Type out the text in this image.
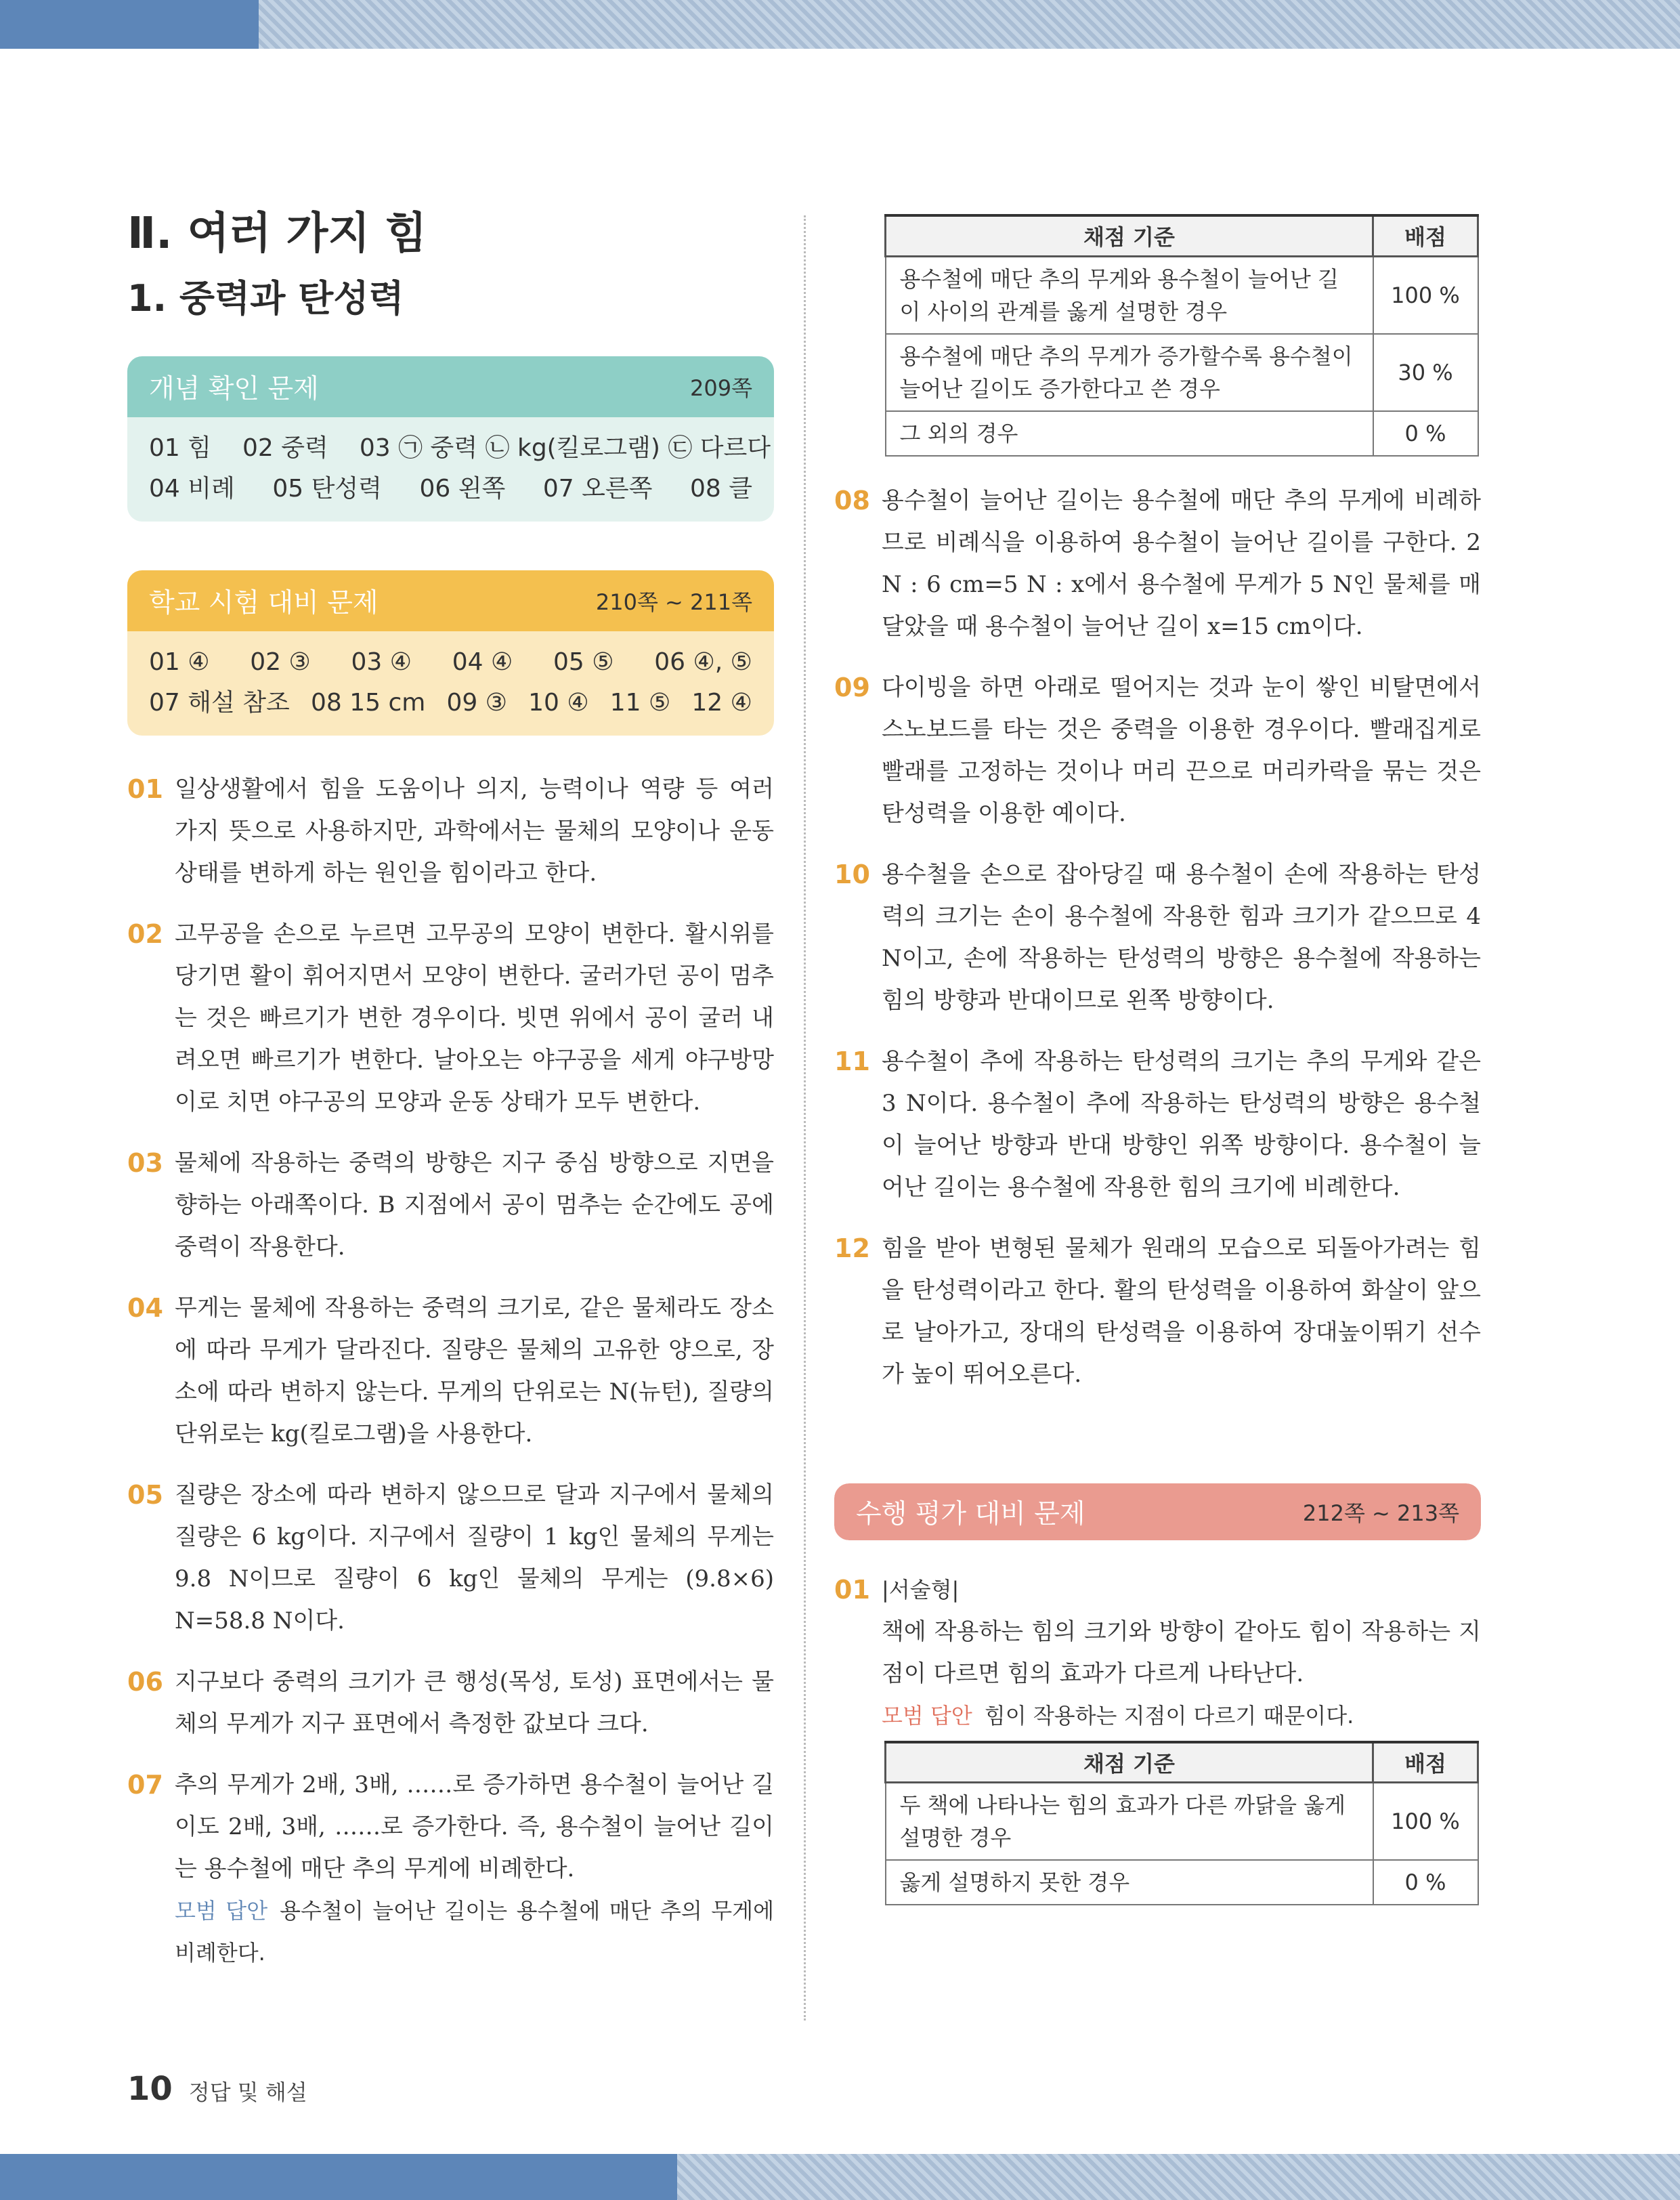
Ⅱ. 여러 가지 힘
1. 중력과 탄성력
개념 확인 문제	209쪽
01 힘 02 중력 03 ㉠ 중력 ㉡ kg(킬로그램) ㉢ 다르다
04 비례 05 탄성력 06 왼쪽 07 오른쪽 08 클
학교 시험 대비 문제	210쪽 ~ 211쪽
01 ④ 02 ③ 03 ④ 04 ④ 05 ⑤ 06 ④, ⑤
07 해설 참조 08 15 cm 09 ③ 10 ④ 11 ⑤ 12 ④
01 일상생활에서 힘을 도움이나 의지, 능력이나 역량 등 여러 가지 뜻으로 사용하지만, 과학에서는 물체의 모양이나 운동 상태를 변하게 하는 원인을 힘이라고 한다.
02 고무공을 손으로 누르면 고무공의 모양이 변한다. 활시위를 당기면 활이 휘어지면서 모양이 변한다. 굴러가던 공이 멈추는 것은 빠르기가 변한 경우이다. 빗면 위에서 공이 굴러 내려오면 빠르기가 변한다. 날아오는 야구공을 세게 야구방망이로 치면 야구공의 모양과 운동 상태가 모두 변한다.
03 물체에 작용하는 중력의 방향은 지구 중심 방향으로 지면을 향하는 아래쪽이다. B 지점에서 공이 멈추는 순간에도 공에 중력이 작용한다.
04 무게는 물체에 작용하는 중력의 크기로, 같은 물체라도 장소에 따라 무게가 달라진다. 질량은 물체의 고유한 양으로, 장소에 따라 변하지 않는다. 무게의 단위로는 N(뉴턴), 질량의 단위로는 kg(킬로그램)을 사용한다.
05 질량은 장소에 따라 변하지 않으므로 달과 지구에서 물체의 질량은 6 kg이다. 지구에서 질량이 1 kg인 물체의 무게는 9.8 N이므로 질량이 6 kg인 물체의 무게는 (9.8×6) N=58.8 N이다.
06 지구보다 중력의 크기가 큰 행성(목성, 토성) 표면에서는 물체의 무게가 지구 표면에서 측정한 값보다 크다.
07 추의 무게가 2배, 3배, ……로 증가하면 용수철이 늘어난 길이도 2배, 3배, ……로 증가한다. 즉, 용수철이 늘어난 길이는 용수철에 매단 추의 무게에 비례한다.
모범 답안 용수철이 늘어난 길이는 용수철에 매단 추의 무게에 비례한다.
채점 기준	배점
용수철에 매단 추의 무게와 용수철이 늘어난 길이 사이의 관계를 옳게 설명한 경우	100 %
용수철에 매단 추의 무게가 증가할수록 용수철이 늘어난 길이도 증가한다고 쓴 경우	30 %
그 외의 경우	0 %
08 용수철이 늘어난 길이는 용수철에 매단 추의 무게에 비례하므로 비례식을 이용하여 용수철이 늘어난 길이를 구한다. 2 N : 6 cm=5 N : x에서 용수철에 무게가 5 N인 물체를 매달았을 때 용수철이 늘어난 길이 x=15 cm이다.
09 다이빙을 하면 아래로 떨어지는 것과 눈이 쌓인 비탈면에서 스노보드를 타는 것은 중력을 이용한 경우이다. 빨래집게로 빨래를 고정하는 것이나 머리 끈으로 머리카락을 묶는 것은 탄성력을 이용한 예이다.
10 용수철을 손으로 잡아당길 때 용수철이 손에 작용하는 탄성력의 크기는 손이 용수철에 작용한 힘과 크기가 같으므로 4 N이고, 손에 작용하는 탄성력의 방향은 용수철에 작용하는 힘의 방향과 반대이므로 왼쪽 방향이다.
11 용수철이 추에 작용하는 탄성력의 크기는 추의 무게와 같은 3 N이다. 용수철이 추에 작용하는 탄성력의 방향은 용수철이 늘어난 방향과 반대 방향인 위쪽 방향이다. 용수철이 늘어난 길이는 용수철에 작용한 힘의 크기에 비례한다.
12 힘을 받아 변형된 물체가 원래의 모습으로 되돌아가려는 힘을 탄성력이라고 한다. 활의 탄성력을 이용하여 화살이 앞으로 날아가고, 장대의 탄성력을 이용하여 장대높이뛰기 선수가 높이 뛰어오른다.
수행 평가 대비 문제	212쪽 ~ 213쪽
01 |서술형|
책에 작용하는 힘의 크기와 방향이 같아도 힘이 작용하는 지점이 다르면 힘의 효과가 다르게 나타난다.
모범 답안 힘이 작용하는 지점이 다르기 때문이다.
채점 기준	배점
두 책에 나타나는 힘의 효과가 다른 까닭을 옳게 설명한 경우	100 %
옳게 설명하지 못한 경우	0 %
10 정답 및 해설
